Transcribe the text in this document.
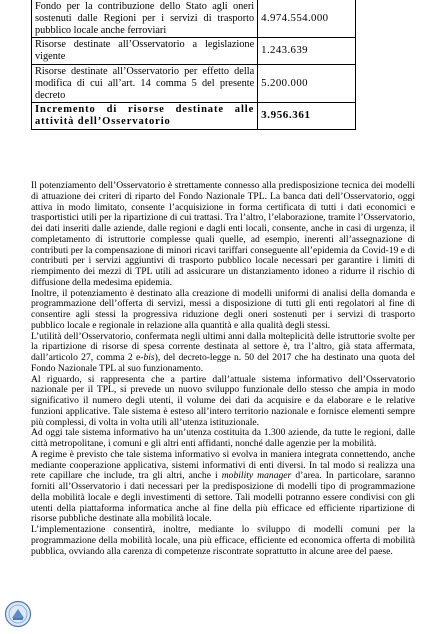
Fondo per la contribuzione dello Stato agli oneri sostenuti dalle Regioni per i servizi di trasporto pubblico locale anche ferroviari	4.974.554.000
Risorse destinate all’Osservatorio a legislazione vigente	1.243.639
Risorse destinate all’Osservatorio per effetto della modifica di cui all’art. 14 comma 5 del presente decreto	5.200.000
Incremento di risorse destinate alle attività dell’Osservatorio	3.956.361

Il potenziamento dell’Osservatorio è strettamente connesso alla predisposizione tecnica dei modelli di attuazione dei criteri di riparto del Fondo Nazionale TPL. La banca dati dell’Osservatorio, oggi attiva in modo limitato, consente l’acquisizione in forma certificata di tutti i dati economici e trasportistici utili per la ripartizione di cui trattasi. Tra l’altro, l’elaborazione, tramite l’Osservatorio, dei dati inseriti dalle aziende, dalle regioni e dagli enti locali, consente, anche in casi di urgenza, il completamento di istruttorie complesse quali quelle, ad esempio, inerenti all’assegnazione di contributi per la compensazione di minori ricavi tariffari conseguente all’epidemia da Covid-19 e di contributi per i servizi aggiuntivi di trasporto pubblico locale necessari per garantire i limiti di riempimento dei mezzi di TPL utili ad assicurare un distanziamento idoneo a ridurre il rischio di diffusione della medesima epidemia.

Inoltre, il potenziamento è destinato alla creazione di modelli uniformi di analisi della domanda e programmazione dell’offerta di servizi, messi a disposizione di tutti gli enti regolatori al fine di consentire agli stessi la progressiva riduzione degli oneri sostenuti per i servizi di trasporto pubblico locale e regionale in relazione alla quantità e alla qualità degli stessi.

L’utilità dell’Osservatorio, confermata negli ultimi anni dalla molteplicità delle istruttorie svolte per la ripartizione di risorse di spesa corrente destinata al settore è, tra l’altro, già stata affermata, dall’articolo 27, comma 2 e-bis), del decreto-legge n. 50 del 2017 che ha destinato una quota del Fondo Nazionale TPL al suo funzionamento.

Al riguardo, si rappresenta che a partire dall’attuale sistema informativo dell’Osservatorio nazionale per il TPL, si prevede un nuovo sviluppo funzionale dello stesso che ampia in modo significativo il numero degli utenti, il volume dei dati da acquisire e da elaborare e le relative funzioni applicative. Tale sistema è esteso all’intero territorio nazionale e fornisce elementi sempre più complessi, di volta in volta utili all’utenza istituzionale.

Ad oggi tale sistema informativo ha un’utenza costituita da 1.300 aziende, da tutte le regioni, dalle città metropolitane, i comuni e gli altri enti affidanti, nonché dalle agenzie per la mobilità.

A regime è previsto che tale sistema informativo si evolva in maniera integrata connettendo, anche mediante cooperazione applicativa, sistemi informativi di enti diversi. In tal modo si realizza una rete capillare che include, tra gli altri, anche i mobility manager d’area. In particolare, saranno forniti all’Osservatorio i dati necessari per la predisposizione di modelli tipo di programmazione della mobilità locale e degli investimenti di settore. Tali modelli potranno essere condivisi con gli utenti della piattaforma informatica anche al fine della più efficace ed efficiente ripartizione di risorse pubbliche destinate alla mobilità locale.

L’implementazione consentirà, inoltre, mediante lo sviluppo di modelli comuni per la programmazione della mobilità locale, una più efficace, efficiente ed economica offerta di mobilità pubblica, ovviando alla carenza di competenze riscontrate soprattutto in alcune aree del paese.
